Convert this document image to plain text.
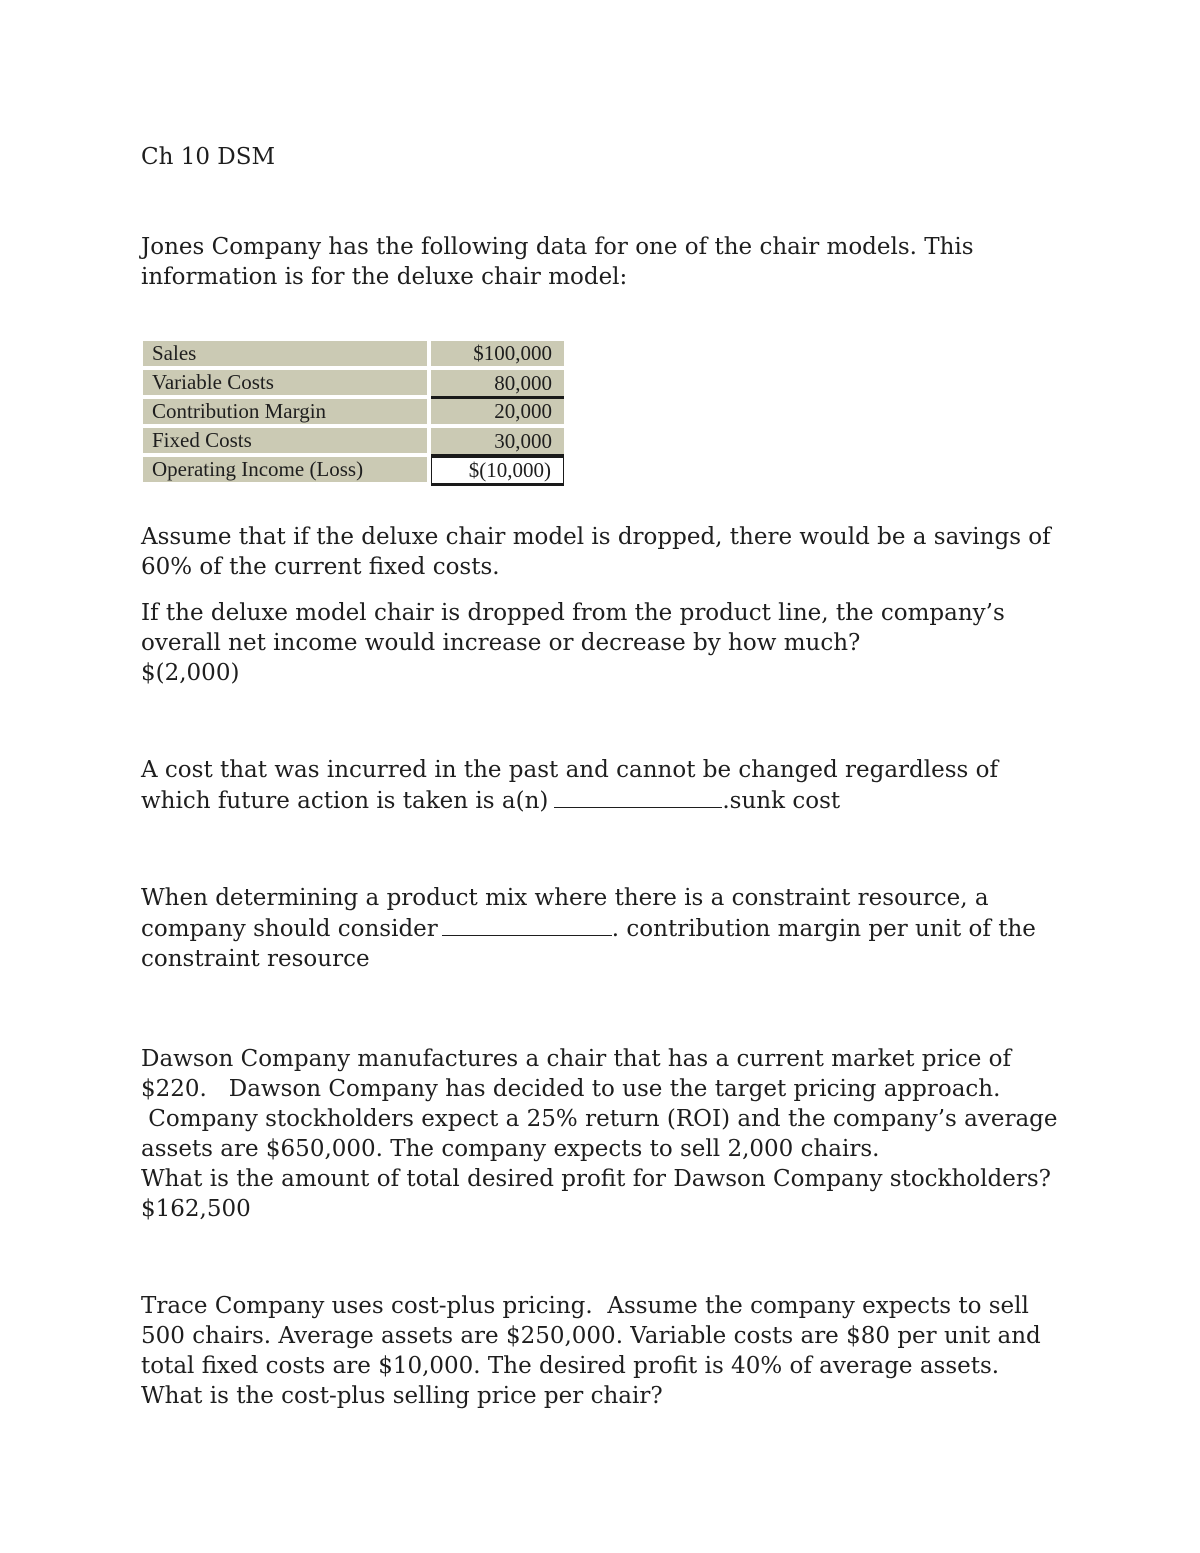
Ch 10 DSM
Jones Company has the following data for one of the chair models. This
information is for the deluxe chair model:
Sales	$100,000
Variable Costs	80,000
Contribution Margin	20,000
Fixed Costs	30,000
Operating Income (Loss)	$(10,000)
Assume that if the deluxe chair model is dropped, there would be a savings of
60% of the current fixed costs.
If the deluxe model chair is dropped from the product line, the company’s
overall net income would increase or decrease by how much?
$(2,000)
A cost that was incurred in the past and cannot be changed regardless of
which future action is taken is a(n)	.sunk cost
When determining a product mix where there is a constraint resource, a
company should consider	. contribution margin per unit of the
constraint resource
Dawson Company manufactures a chair that has a current market price of
$220.   Dawson Company has decided to use the target pricing approach.
Company stockholders expect a 25% return (ROI) and the company’s average
assets are $650,000. The company expects to sell 2,000 chairs.
What is the amount of total desired profit for Dawson Company stockholders?
$162,500
Trace Company uses cost-plus pricing.  Assume the company expects to sell
500 chairs. Average assets are $250,000. Variable costs are $80 per unit and
total fixed costs are $10,000. The desired profit is 40% of average assets.
What is the cost-plus selling price per chair?
